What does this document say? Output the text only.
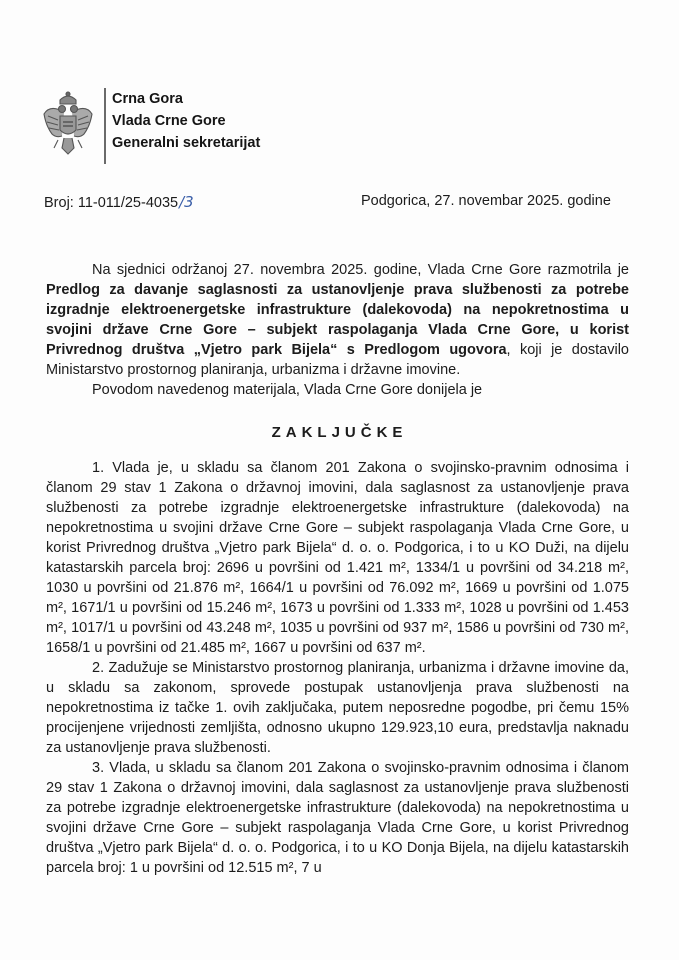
Crna Gora
Vlada Crne Gore
Generalni sekretarijat
Broj: 11-011/25-4035/3	Podgorica, 27. novembar 2025. godine

Na sjednici održanoj 27. novembra 2025. godine, Vlada Crne Gore razmotrila je Predlog za davanje saglasnosti za ustanovljenje prava službenosti za potrebe izgradnje elektroenergetske infrastrukture (dalekovoda) na nepokretnostima u svojini države Crne Gore – subjekt raspolaganja Vlada Crne Gore, u korist Privrednog društva „Vjetro park Bijela“ s Predlogom ugovora, koji je dostavilo Ministarstvo prostornog planiranja, urbanizma i državne imovine.

Povodom navedenog materijala, Vlada Crne Gore donijela je

ZAKLJUČKE

1. Vlada je, u skladu sa članom 201 Zakona o svojinsko-pravnim odnosima i članom 29 stav 1 Zakona o državnoj imovini, dala saglasnost za ustanovljenje prava službenosti za potrebe izgradnje elektroenergetske infrastrukture (dalekovoda) na nepokretnostima u svojini države Crne Gore – subjekt raspolaganja Vlada Crne Gore, u korist Privrednog društva „Vjetro park Bijela“ d. o. o. Podgorica, i to u KO Duži, na dijelu katastarskih parcela broj: 2696 u površini od 1.421 m², 1334/1 u površini od 34.218 m², 1030 u površini od 21.876 m², 1664/1 u površini od 76.092 m², 1669 u površini od 1.075 m², 1671/1 u površini od 15.246 m², 1673 u površini od 1.333 m², 1028 u površini od 1.453 m², 1017/1 u površini od 43.248 m², 1035 u površini od 937 m², 1586 u površini od 730 m², 1658/1 u površini od 21.485 m², 1667 u površini od 637 m².

2. Zadužuje se Ministarstvo prostornog planiranja, urbanizma i državne imovine da, u skladu sa zakonom, sprovede postupak ustanovljenja prava službenosti na nepokretnostima iz tačke 1. ovih zaključaka, putem neposredne pogodbe, pri čemu 15% procijenjene vrijednosti zemljišta, odnosno ukupno 129.923,10 eura, predstavlja naknadu za ustanovljenje prava službenosti.

3. Vlada, u skladu sa članom 201 Zakona o svojinsko-pravnim odnosima i članom 29 stav 1 Zakona o državnoj imovini, dala saglasnost za ustanovljenje prava službenosti za potrebe izgradnje elektroenergetske infrastrukture (dalekovoda) na nepokretnostima u svojini države Crne Gore – subjekt raspolaganja Vlada Crne Gore, u korist Privrednog društva „Vjetro park Bijela“ d. o. o. Podgorica, i to u KO Donja Bijela, na dijelu katastarskih parcela broj: 1 u površini od 12.515 m², 7 u
